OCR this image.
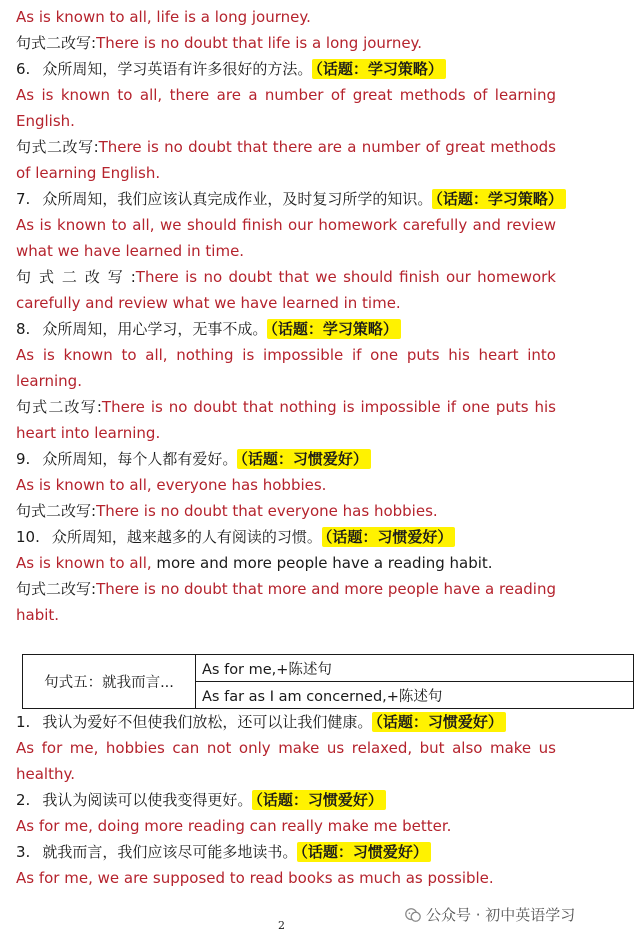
As is known to all, life is a long journey.
句式二改写:There is no doubt that life is a long journey.
6. 众所周知，学习英语有许多很好的方法。 （话题：学习策略）
As is known to all, there are a number of great methods of learning
English.
句式二改写:There is no doubt that there are a number of great methods
of learning English.
7. 众所周知，我们应该认真完成作业，及时复习所学的知识。 （话题：学习策略）
As is known to all, we should finish our homework carefully and review
what we have learned in time.
句 式 二 改 写 :There is no doubt that we should finish our homework
carefully and review what we have learned in time.
8. 众所周知，用心学习，无事不成。 （话题：学习策略）
As is known to all, nothing is impossible if one puts his heart into
learning.
句式二改写:There is no doubt that nothing is impossible if one puts his
heart into learning.
9. 众所周知，每个人都有爱好。 （话题：习惯爱好）
As is known to all, everyone has hobbies.
句式二改写:There is no doubt that everyone has hobbies.
10. 众所周知，越来越多的人有阅读的习惯。 （话题：习惯爱好）
As is known to all, more and more people have a reading habit.
句式二改写:There is no doubt that more and more people have a reading
habit.
句式五：就我而言...	As for me,+陈述句
As far as I am concerned,+陈述句
1. 我认为爱好不但使我们放松，还可以让我们健康。 （话题：习惯爱好）
As for me, hobbies can not only make us relaxed, but also make us
healthy.
2. 我认为阅读可以使我变得更好。 （话题：习惯爱好）
As for me, doing more reading can really make me better.
3. 就我而言，我们应该尽可能多地读书。 （话题：习惯爱好）
As for me, we are supposed to read books as much as possible.
2
公众号 · 初中英语学习
